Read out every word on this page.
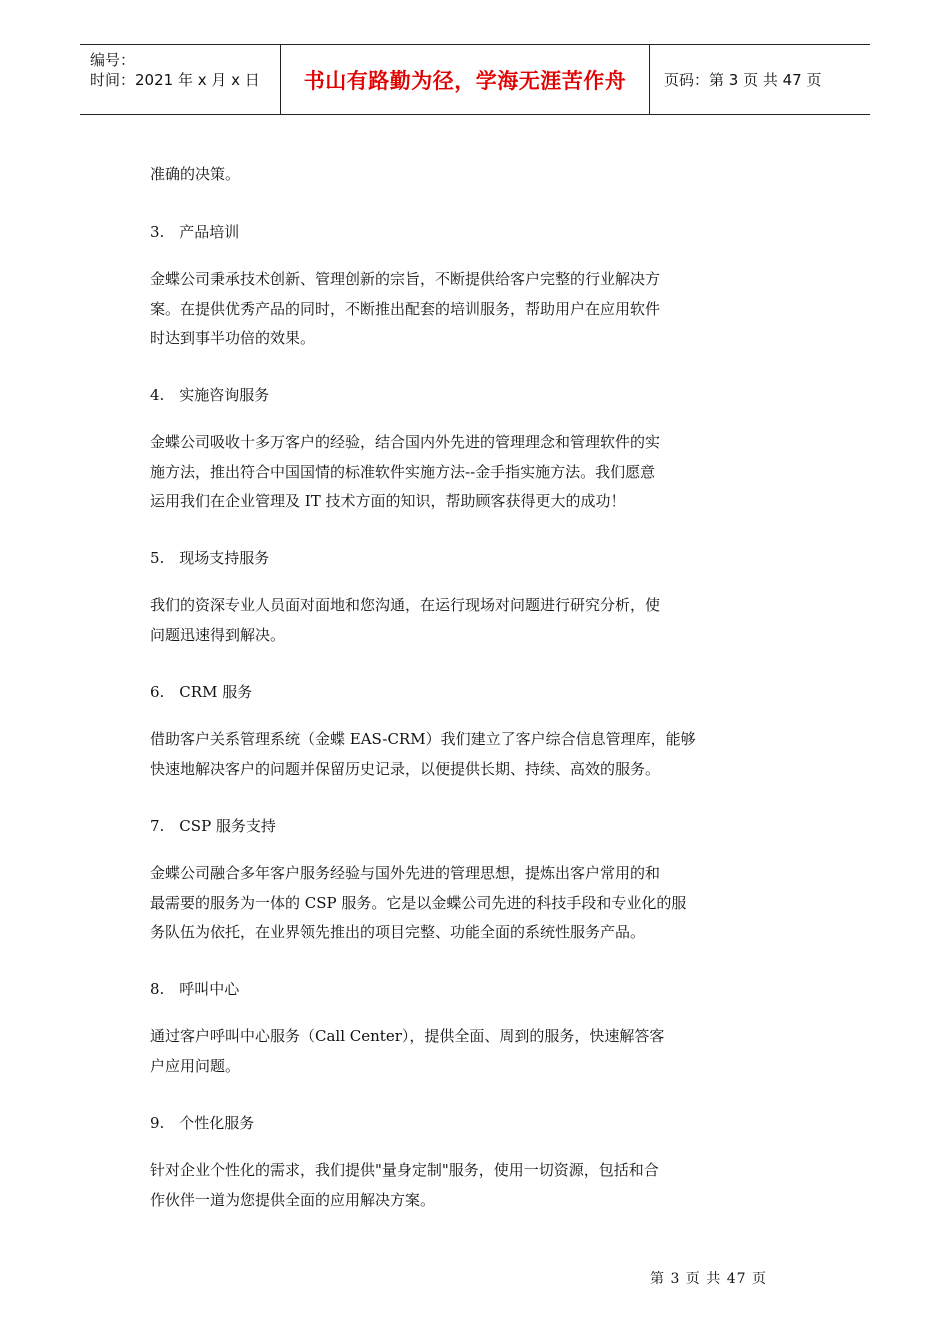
编号：
时间：2021 年 x 月 x 日	书山有路勤为径，学海无涯苦作舟	页码：第 3 页 共 47 页
准确的决策。
3.　产品培训
金蝶公司秉承技术创新、管理创新的宗旨，不断提供给客户完整的行业解决方
案。在提供优秀产品的同时，不断推出配套的培训服务，帮助用户在应用软件
时达到事半功倍的效果。
4.　实施咨询服务
金蝶公司吸收十多万客户的经验，结合国内外先进的管理理念和管理软件的实
施方法，推出符合中国国情的标准软件实施方法--金手指实施方法。我们愿意
运用我们在企业管理及 IT 技术方面的知识，帮助顾客获得更大的成功！
5.　现场支持服务
我们的资深专业人员面对面地和您沟通，在运行现场对问题进行研究分析，使
问题迅速得到解决。
6.　CRM 服务
借助客户关系管理系统（金蝶 EAS-CRM）我们建立了客户综合信息管理库，能够
快速地解决客户的问题并保留历史记录，以便提供长期、持续、高效的服务。
7.　CSP 服务支持
金蝶公司融合多年客户服务经验与国外先进的管理思想，提炼出客户常用的和
最需要的服务为一体的 CSP 服务。它是以金蝶公司先进的科技手段和专业化的服
务队伍为依托，在业界领先推出的项目完整、功能全面的系统性服务产品。
8.　呼叫中心
通过客户呼叫中心服务（Call Center），提供全面、周到的服务，快速解答客
户应用问题。
9.　个性化服务
针对企业个性化的需求，我们提供"量身定制"服务，使用一切资源，包括和合
作伙伴一道为您提供全面的应用解决方案。
第 3 页 共 47 页
